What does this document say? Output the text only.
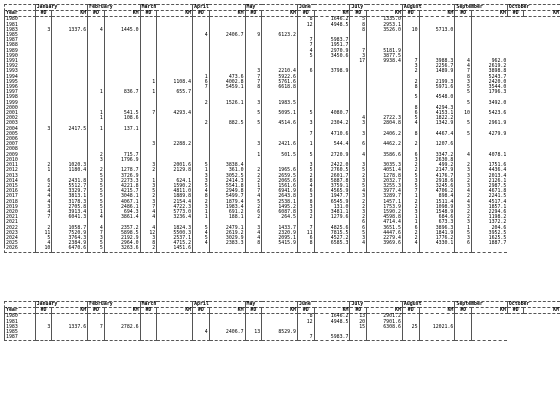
	January		February		March		April		May		June		July		August		September		October	
Year	#D	KM	#D	KM	#D	KM	#D	KM	#D	KM	#D	KM	#D	KM	#D	KM	#D	KM	#D	KM
1980											8	1646.2	5	1335.0						
1981											12	4948.5	8	2953.1						
1983	3	1337.6	4	1445.0									8	3526.0	10	5713.0				
1985							4	2406.7	9	6123.2										
1987											7	5983.7								
1988											7	1951.7								
1989											4	2970.9	7	5181.9						
1990											5	3450.6	3	3877.5						
1991													17	9938.4	7	3988.3	4	962.0		
1992															3	2256.7	4	2619.2		
1993									3	2210.4	6	3798.9			2	1489.9	7	3898.8		
1994							1	473.6	7	5922.6							8	5243.7		
1995					1	1108.4	6	4002.8	7	5761.6					2	2199.3	3	2420.0		
1996							7	5459.1	8	6618.8					8	5971.6	5	3544.0		
1997			1	836.7	1	655.7											5	1796.3		
1998															5	4548.0				
1999							2	1526.1	3	1983.5							5	3492.0		
2000															8	4294.3				
2001			1	541.5	7	4293.4			5	5095.1	5	4080.7			6	4153.1	10	5423.6		
2002			1	108.6									4	2722.3	5	1822.2				
2003							2	882.5	5	4514.6	3	2304.2	3	2804.8	4	1342.9	5	2961.9		
2004	3	2417.5	1	137.1																
2005											7	4710.6	3	2406.2	8	4467.4	5	4279.9		
2006																				
2007					3	2288.2			3	2421.6	1	544.4	6	4462.2	2	1207.6				
2008																				
2009			2	715.7					1	501.5	5	2720.9	4	3586.6	6	3347.2	4	4078.1		
2010			3	1796.9											3	2630.8				
2011	2	1020.3			3	2001.6	5	3838.4			3	2422.0	3	3035.3	2	499.2	2	1751.6		
2012	1	1180.4	2	1278.7	2	2129.8	1	361.0	2	1965.6	5	2760.5	5	4051.4	2	2147.9	3	4436.4		
2013			5	3726.9			3	3052.5	2	2659.5	2	2601.7	2	1278.8	5	4176.7	3	2013.4		
2014	6	2431.8	3	2273.3	1	624.1	3	2414.3	2	2065.6	8	5887.8	3	2032.7	3	2918.6	2	2126.1		
2015	2	5512.7	5	4221.8	3	1590.2	5	5541.8	1	1561.6	4	3759.1	5	3255.3	5	3245.6	3	2987.5		
2016	4	3329.7	5	4215.7	5	4811.0	4	2949.8	7	6941.9	6	4565.9	4	3977.4	7	4706.2	4	4671.8		
2017	4	3813.1	5	3048.1	2	1889.8	8	5499.7	4	2643.8	3	1947.7	3	3289.7	1	898.4	2	2241.5		
2018	4	3178.3	5	4067.1	3	2154.4	2	1879.4	5	2538.1	8	6545.9	2	1457.1	2	1511.4	4	4517.4		
2019	3	2705.8	5	2486.1	7	4722.3	3	1983.4	2	1495.2	3	131.0	2	1753.9	2	1098.9	3	1857.1		
2020	4	3913.4	1	694.3	4	5773.0	1	691.2	6	6087.8	3	3481.1	3	1590.2	3	1548.9	2	2294.6		
2021	7	6041.3	4	3861.4	4	3236.4	1	188.1	2	264.5	2	1279.6	2	4598.8	1	684.6	2	1198.2		
2021													6	4714.4	1	673.3	3	1372.2		
2022	2	1058.7	4	2357.2	4	1824.3	5	2479.1	3	1433.7	7	4825.6	6	3651.5	6	3896.3	1	204.6		
2023	11	7520.9	7	5898.5	12	5500.3	4	2619.2	4	2320.9	11	7815.5	5	4447.6	2	1841.9	5	3952.5		
2024	5	3764.3	3	2192.9	3	2537.1	5	3029.9	4	2095.1	6	4527.2	3	2279.4	2	1776.2	3	1625.5		
2025	4	2384.9	5	2964.0	8	4715.2	4	2383.3	8	5415.9	8	6585.3	4	3969.6	4	4330.1	6	1887.7		
2026	10	6470.6	5	3263.6	2	1451.6														
	January		February		March		April		May		June		July		August		September		October	
Year	#D	KM	#D	KM	#D	KM	#D	KM	#D	KM	#D	KM	#D	KM	#D	KM	#D	KM	#D	KM
1980											8	1646.2	13	2901.2						
1981											12	4948.5	20	7901.6						
1983	3	1337.6	7	2782.6									15	6308.6	25	12021.6				
1985							4	2406.7	13	8529.9										
1987											7	5983.7								
